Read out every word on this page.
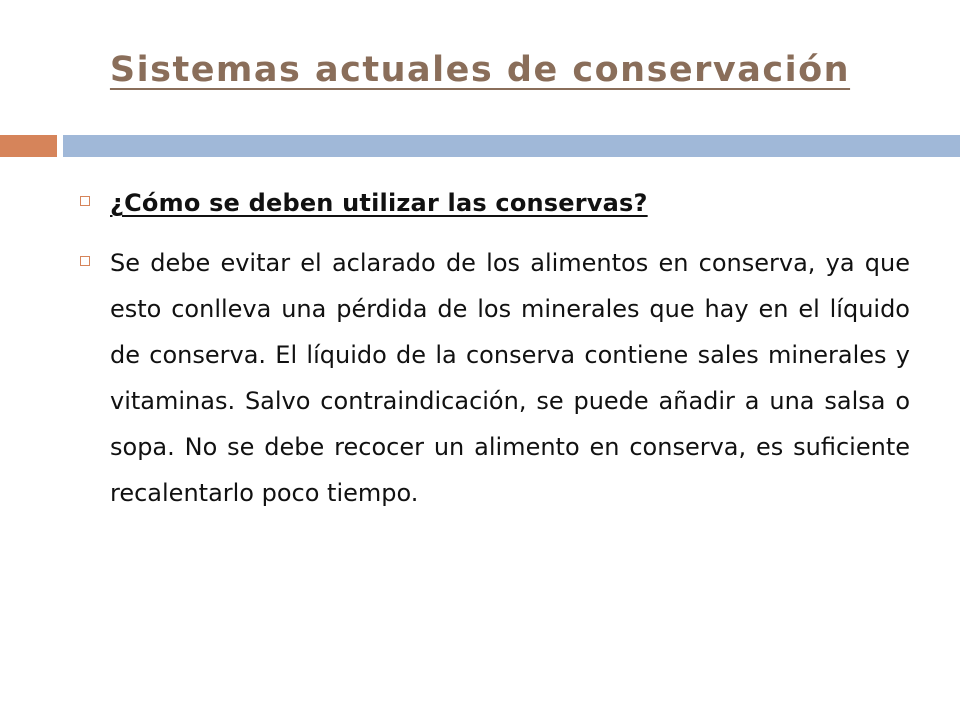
Sistemas actuales de conservación
¿Cómo se deben utilizar las conservas?
Se debe evitar el aclarado de los alimentos en conserva, ya que esto conlleva una pérdida de los minerales que hay en el líquido de conserva. El líquido de la conserva contiene sales minerales y vitaminas. Salvo contraindicación, se puede añadir a una salsa o sopa. No se debe recocer un alimento en conserva, es suficiente recalentarlo poco tiempo.
